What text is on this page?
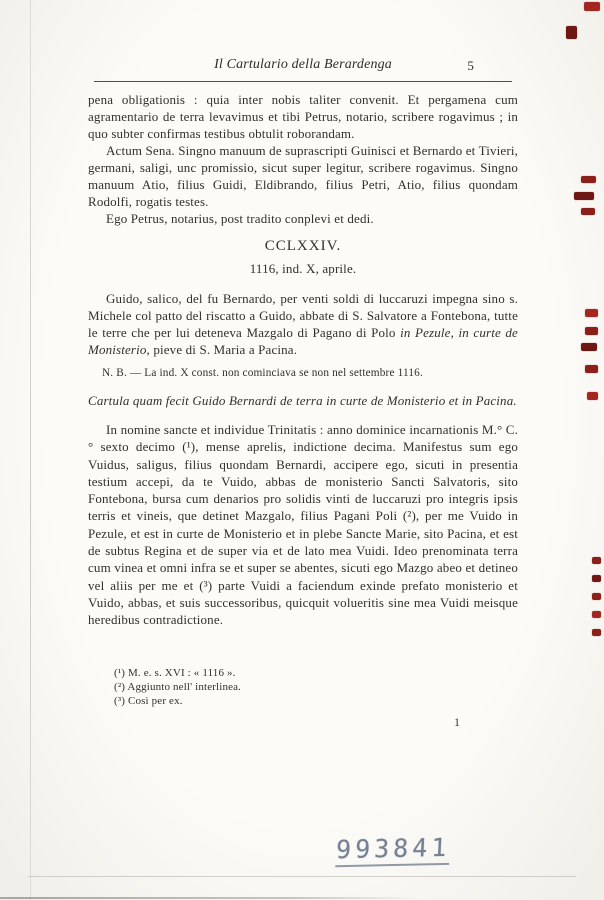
Il Cartulario della Berardenga	5

pena obligationis : quia inter nobis taliter convenit. Et pergamena cum agramentario de terra levavimus et tibi Petrus, notario, scribere rogavimus ; in quo subter confirmas testibus obtulit roborandam.

Actum Sena. Singno manuum de suprascripti Guinisci et Bernardo et Tivieri, germani, saligi, unc promissio, sicut super legitur, scribere rogavimus. Singno manuum Atio, filius Guidi, Eldibrando, filius Petri, Atio, filius quondam Rodolfi, rogatis testes.

Ego Petrus, notarius, post tradito conplevi et dedi.

CCLXXIV.
1116, ind. X, aprile.

Guido, salico, del fu Bernardo, per venti soldi di luccaruzi impegna sino s. Michele col patto del riscatto a Guido, abbate di S. Salvatore a Fontebona, tutte le terre che per lui deteneva Mazgalo di Pagano di Polo in Pezule, in curte de Monisterio, pieve di S. Maria a Pacina.

N. B. — La ind. X const. non cominciava se non nel settembre 1116.

Cartula quam fecit Guido Bernardi de terra in curte de Monisterio et in Pacina.

In nomine sancte et individue Trinitatis : anno dominice incarnationis M.° C.° sexto decimo (¹), mense aprelis, indictione decima. Manifestus sum ego Vuidus, saligus, filius quondam Bernardi, accipere ego, sicuti in presentia testium accepi, da te Vuido, abbas de monisterio Sancti Salvatoris, sito Fontebona, bursa cum denarios pro solidis vinti de luccaruzi pro integris ipsis terris et vineis, que detinet Mazgalo, filius Pagani Poli (²), per me Vuido in Pezule, et est in curte de Monisterio et in plebe Sancte Marie, sito Pacina, et est de subtus Regina et de super via et de lato mea Vuidi. Ideo prenominata terra cum vinea et omni infra se et super se abentes, sicuti ego Mazgo abeo et detineo vel aliis per me et (³) parte Vuidi a faciendum exinde prefato monisterio et Vuido, abbas, et suis successoribus, quicquit volueritis sine mea Vuidi meisque heredibus contradictione.

(¹) M. e. s. XVI : « 1116 ».

(²) Aggiunto nell' interlinea.

(³) Così per ex.

1
993841
